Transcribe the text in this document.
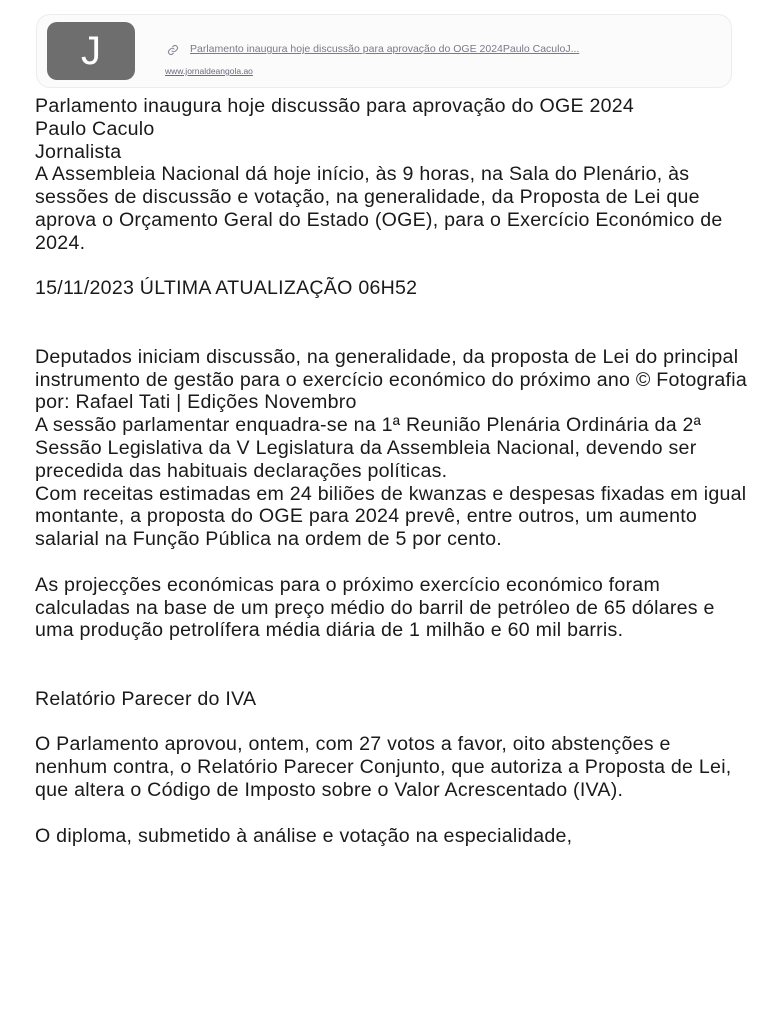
J	Parlamento inaugura hoje discussão para aprovação do OGE 2024Paulo CaculoJ...
www.jornaldeangola.ao

Parlamento inaugura hoje discussão para aprovação do OGE 2024

Paulo Caculo

Jornalista

A Assembleia Nacional dá hoje início, às 9 horas, na Sala do Plenário, às sessões de discussão e votação, na generalidade, da Proposta de Lei que aprova o Orçamento Geral do Estado (OGE), para o Exercício Económico de 2024.

15/11/2023 ÚLTIMA ATUALIZAÇÃO 06H52

Deputados iniciam discussão, na generalidade, da proposta de Lei do principal instrumento de gestão para o exercício económico do próximo ano © Fotografia por: Rafael Tati | Edições Novembro

A sessão parlamentar enquadra-se na 1ª Reunião Plenária Ordinária da 2ª Sessão Legislativa da V Legislatura da Assembleia Nacional, devendo ser precedida das habituais declarações políticas.

Com receitas estimadas em 24 biliões de kwanzas e despesas fixadas em igual montante, a proposta do OGE para 2024 prevê, entre outros, um aumento salarial na Função Pública na ordem de 5 por cento.

As projecções económicas para o próximo exercício económico foram calculadas na base de um preço médio do barril de petróleo de 65 dólares e uma produção petrolífera média diária de 1 milhão e 60 mil barris.

Relatório Parecer do IVA

O Parlamento aprovou, ontem, com 27 votos a favor, oito abstenções e nenhum contra, o Relatório Parecer Conjunto, que autoriza a Proposta de Lei, que altera o Código de Imposto sobre o Valor Acrescentado (IVA).

O diploma, submetido à análise e votação na especialidade,
